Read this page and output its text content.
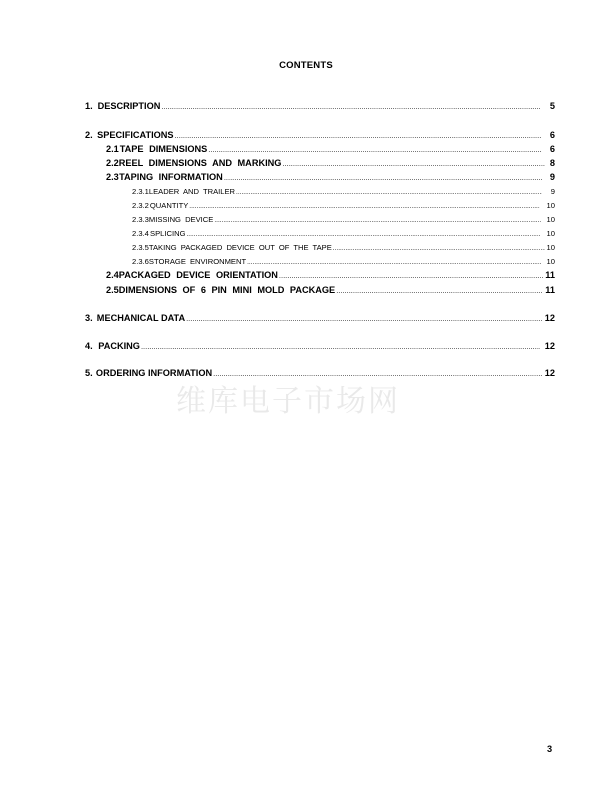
CONTENTS
维库电子市场网
1. DESCRIPTION .....	5
2. SPECIFICATIONS .....	6
2.1 TAPE DIMENSIONS .....	6
2.2 REEL DIMENSIONS AND MARKING .....	8
2.3 TAPING INFORMATION .....	9
2.3.1 LEADER AND TRAILER .....	9
2.3.2 QUANTITY .....	10
2.3.3 MISSING DEVICE .....	10
2.3.4 SPLICING .....	10
2.3.5 TAKING PACKAGED DEVICE OUT OF THE TAPE .....	10
2.3.6 STORAGE ENVIRONMENT .....	10
2.4 PACKAGED DEVICE ORIENTATION .....	11
2.5 DIMENSIONS OF 6 PIN MINI MOLD PACKAGE .....	11
3. MECHANICAL DATA .....	12
4. PACKING .....	12
5. ORDERING INFORMATION .....	12
3
